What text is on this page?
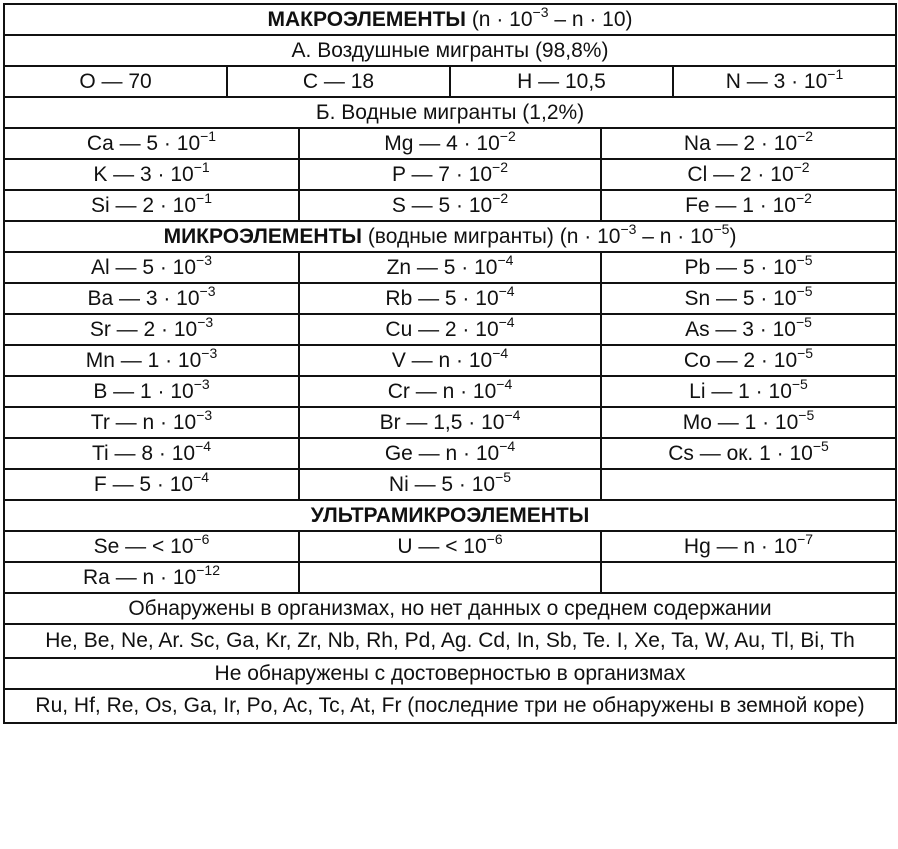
МАКРОЭЛЕМЕНТЫ $(n \cdot 10^{-3} - n \cdot 10)$					
А. Воздушные мигранты (98,8%)					
O — 70	C — 18		H — 10,5		N — $3 \cdot 10^{-1}$
Б. Водные мигранты (1,2%)					
Ca — $5 \cdot 10^{-1}$		Mg — $4 \cdot 10^{-2}$		Na — $2 \cdot 10^{-2}$
K — $3 \cdot 10^{-1}$		P — $7 \cdot 10^{-2}$		Cl — $2 \cdot 10^{-2}$
Si — $2 \cdot 10^{-1}$		S — $5 \cdot 10^{-2}$		Fe — $1 \cdot 10^{-2}$
МИКРОЭЛЕМЕНТЫ (водные мигранты) $(n \cdot 10^{-3} - n \cdot 10^{-5})$					
Al — $5 \cdot 10^{-3}$		Zn — $5 \cdot 10^{-4}$		Pb — $5 \cdot 10^{-5}$
Ba — $3 \cdot 10^{-3}$		Rb — $5 \cdot 10^{-4}$		Sn — $5 \cdot 10^{-5}$
Sr — $2 \cdot 10^{-3}$		Cu — $2 \cdot 10^{-4}$		As — $3 \cdot 10^{-5}$
Mn — $1 \cdot 10^{-3}$		V — $n \cdot 10^{-4}$		Co — $2 \cdot 10^{-5}$
B — $1 \cdot 10^{-3}$		Cr — $n \cdot 10^{-4}$		Li — $1 \cdot 10^{-5}$
Tr — $n \cdot 10^{-3}$		Br — $1,5 \cdot 10^{-4}$		Mo — $1 \cdot 10^{-5}$
Ti — $8 \cdot 10^{-4}$		Ge — $n \cdot 10^{-4}$		Cs — ок. $1 \cdot 10^{-5}$
F — $5 \cdot 10^{-4}$		Ni — $5 \cdot 10^{-5}$	
УЛЬТРАМИКРОЭЛЕМЕНТЫ					
Se — < $10^{-6}$		U — < $10^{-6}$		Hg — $n \cdot 10^{-7}$
Ra — $n \cdot 10^{-12}$		
Обнаружены в организмах, но нет данных о среднем содержании					
He, Be, Ne, Ar. Sc, Ga, Kr, Zr, Nb, Rh, Pd, Ag. Cd, In, Sb, Te. I, Xe, Ta, W, Au, Tl, Bi, Th					
Не обнаружены с достоверностью в организмах					
Ru, Hf, Re, Os, Ga, Ir, Po, Ac, Tc, At, Fr (последние три не обнаружены в земной коре)					
